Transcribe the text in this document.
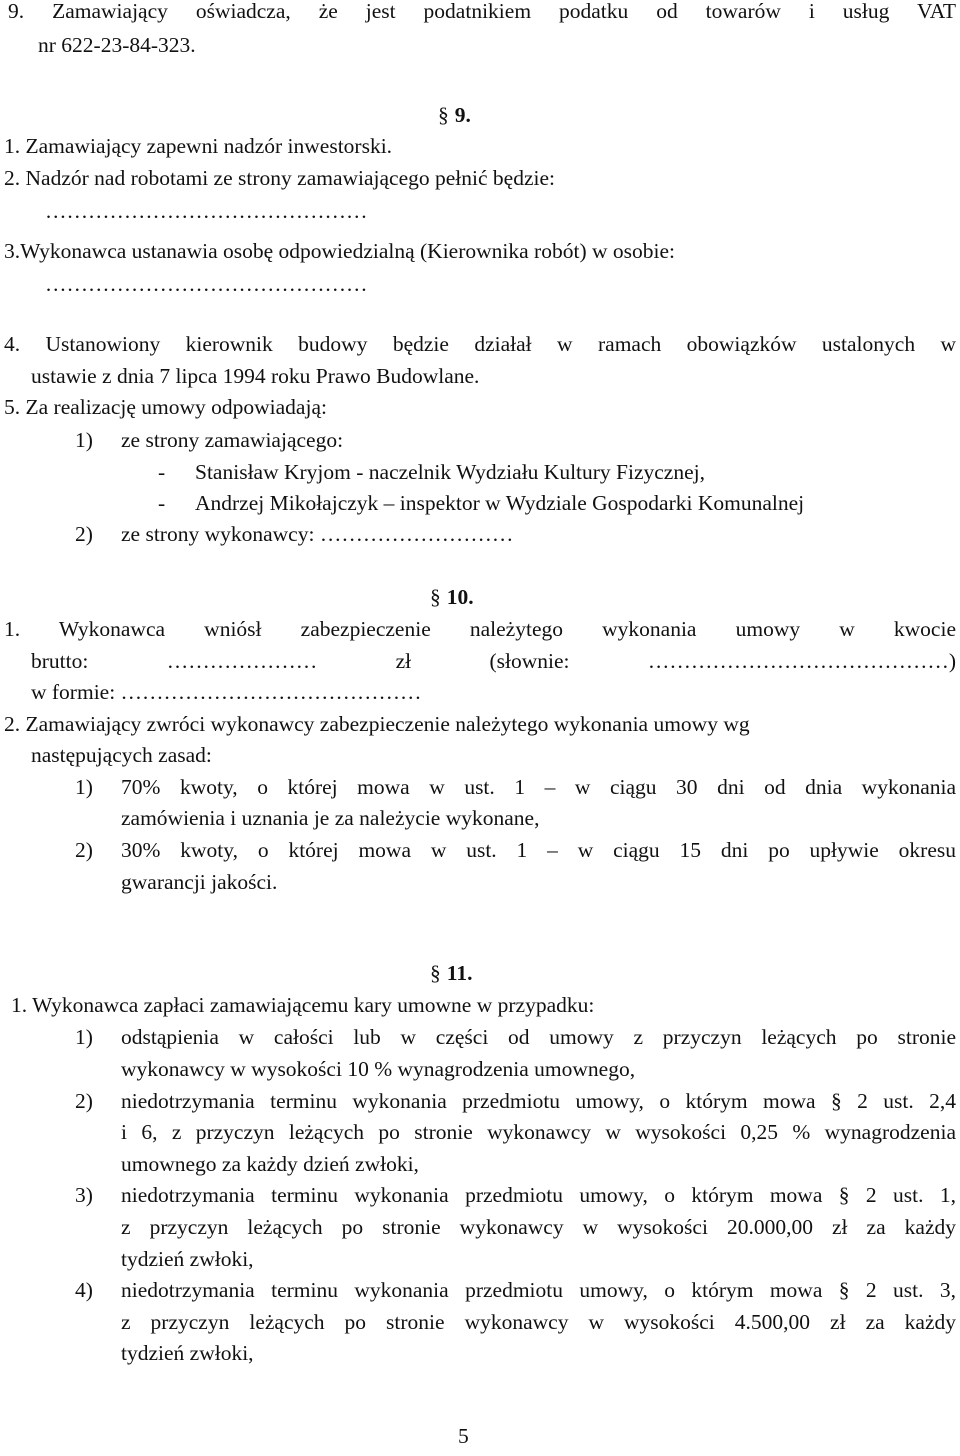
9. Zamawiający oświadcza, że jest podatnikiem podatku od towarów i usług VAT
nr 622-23-84-323.
§ 9.
1. Zamawiający zapewni nadzór inwestorski.
2. Nadzór nad robotami ze strony zamawiającego pełnić będzie:
………………………………………
3.Wykonawca ustanawia osobę odpowiedzialną (Kierownika robót) w osobie:
………………………………………
4. Ustanowiony kierownik budowy będzie działał w ramach obowiązków ustalonych w
ustawie z dnia 7 lipca 1994 roku Prawo Budowlane.
5. Za realizację umowy odpowiadają:
1) ze strony zamawiającego:
- Stanisław Kryjom - naczelnik Wydziału Kultury Fizycznej,
- Andrzej Mikołajczyk – inspektor w Wydziale Gospodarki Komunalnej
2) ze strony wykonawcy: ………………………
§ 10.
1. Wykonawca wniósł zabezpieczenie należytego wykonania umowy w kwocie
brutto: ………………… zł (słownie: ……………………………………)
w formie: ……………………………………
2. Zamawiający zwróci wykonawcy zabezpieczenie należytego wykonania umowy wg
następujących zasad:
1) 70% kwoty, o której mowa w ust. 1 – w ciągu 30 dni od dnia wykonania
zamówienia i uznania je za należycie wykonane,
2) 30% kwoty, o której mowa w ust. 1 – w ciągu 15 dni po upływie okresu
gwarancji jakości.
§ 11.
1. Wykonawca zapłaci zamawiającemu kary umowne w przypadku:
1) odstąpienia w całości lub w części od umowy z przyczyn leżących po stronie
wykonawcy w wysokości 10 % wynagrodzenia umownego,
2) niedotrzymania terminu wykonania przedmiotu umowy, o którym mowa § 2 ust. 2,4
i 6, z przyczyn leżących po stronie wykonawcy w wysokości 0,25 % wynagrodzenia
umownego za każdy dzień zwłoki,
3) niedotrzymania terminu wykonania przedmiotu umowy, o którym mowa § 2 ust. 1,
z przyczyn leżących po stronie wykonawcy w wysokości 20.000,00 zł za każdy
tydzień zwłoki,
4) niedotrzymania terminu wykonania przedmiotu umowy, o którym mowa § 2 ust. 3,
z przyczyn leżących po stronie wykonawcy w wysokości 4.500,00 zł za każdy
tydzień zwłoki,
5
